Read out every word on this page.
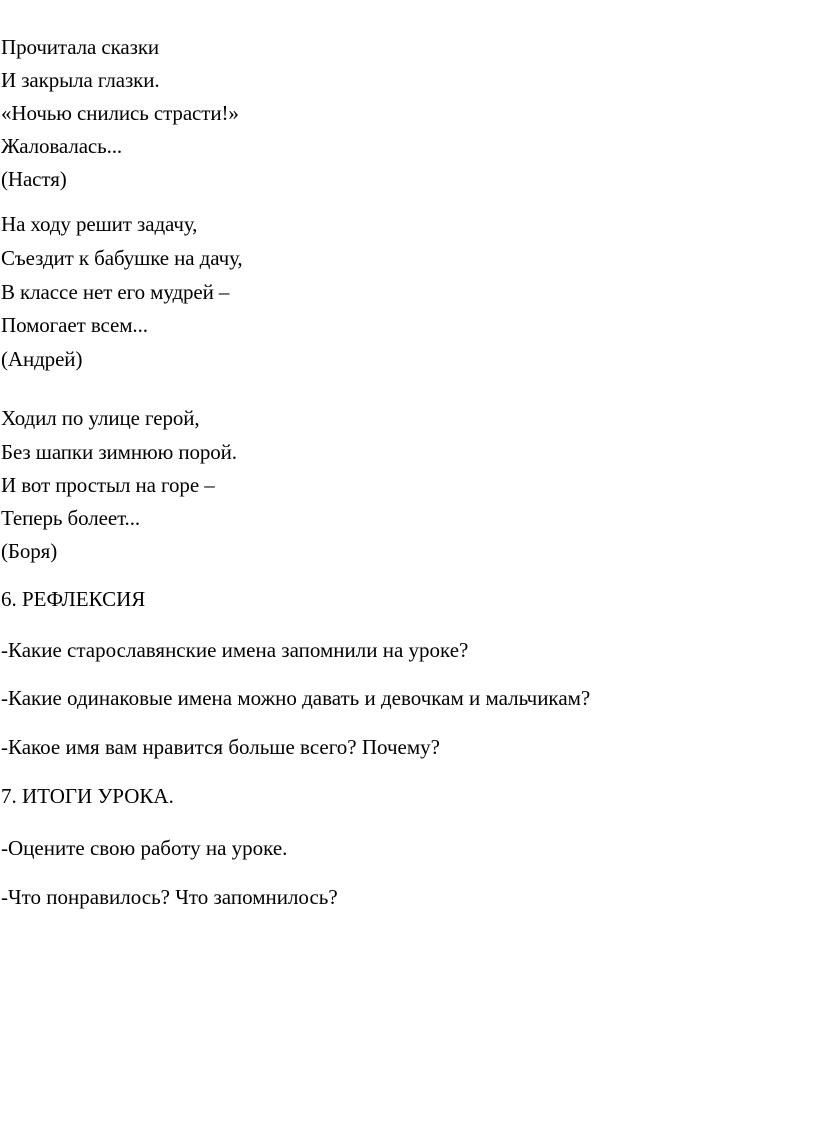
Прочитала сказки
И закрыла глазки.
«Ночью снились страсти!»
Жаловалась...
(Настя)
На ходу решит задачу,
Съездит к бабушке на дачу,
В классе нет его мудрей –
Помогает всем...
(Андрей)
Ходил по улице герой,
Без шапки зимнюю порой.
И вот простыл на горе –
Теперь болеет...
(Боря)
6. РЕФЛЕКСИЯ
-Какие старославянские имена запомнили на уроке?
-Какие одинаковые имена можно давать и девочкам и мальчикам?
-Какое имя вам нравится больше всего? Почему?
7. ИТОГИ УРОКА.
-Оцените свою работу на уроке.
-Что понравилось? Что запомнилось?
